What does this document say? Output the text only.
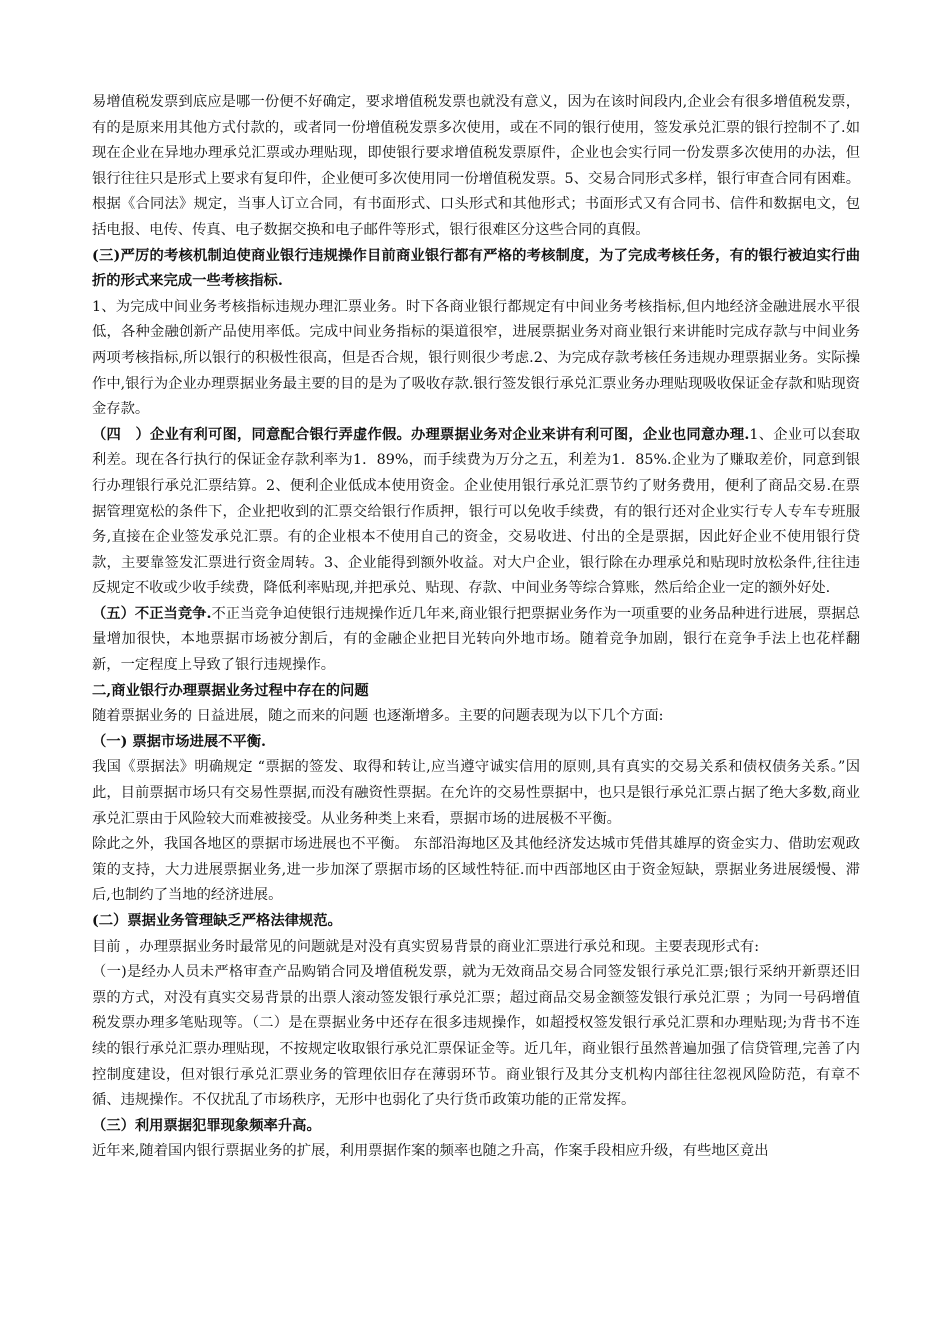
易增值税发票到底应是哪一份便不好确定，要求增值税发票也就没有意义，因为在该时间段内,企业会有很多增值税发票，有的是原来用其他方式付款的，或者同一份增值税发票多次使用，或在不同的银行使用，签发承兑汇票的银行控制不了.如现在企业在异地办理承兑汇票或办理贴现，即使银行要求增值税发票原件，企业也会实行同一份发票多次使用的办法，但银行往往只是形式上要求有复印件，企业便可多次使用同一份增值税发票。5、交易合同形式多样，银行审查合同有困难。根据《合同法》规定，当事人订立合同，有书面形式、口头形式和其他形式；书面形式又有合同书、信件和数据电文，包括电报、电传、传真、电子数据交换和电子邮件等形式，银行很难区分这些合同的真假。

(三)严厉的考核机制迫使商业银行违规操作目前商业银行都有严格的考核制度，为了完成考核任务，有的银行被迫实行曲折的形式来完成一些考核指标.

1、为完成中间业务考核指标违规办理汇票业务。时下各商业银行都规定有中间业务考核指标,但内地经济金融进展水平很低，各种金融创新产品使用率低。完成中间业务指标的渠道很窄，进展票据业务对商业银行来讲能时完成存款与中间业务两项考核指标,所以银行的积极性很高，但是否合规，银行则很少考虑.2、为完成存款考核任务违规办理票据业务。实际操作中,银行为企业办理票据业务最主要的目的是为了吸收存款.银行签发银行承兑汇票业务办理贴现吸收保证金存款和贴现资金存款。

（四　）企业有利可图，同意配合银行弄虚作假。办理票据业务对企业来讲有利可图，企业也同意办理.1、企业可以套取利差。现在各行执行的保证金存款利率为1．89%，而手续费为万分之五，利差为1．85%.企业为了赚取差价，同意到银行办理银行承兑汇票结算。2、便利企业低成本使用资金。企业使用银行承兑汇票节约了财务费用，便利了商品交易.在票据管理宽松的条件下，企业把收到的汇票交给银行作质押，银行可以免收手续费，有的银行还对企业实行专人专车专班服务,直接在企业签发承兑汇票。有的企业根本不使用自己的资金，交易收进、付出的全是票据，因此好企业不使用银行贷款，主要靠签发汇票进行资金周转。3、企业能得到额外收益。对大户企业，银行除在办理承兑和贴现时放松条件,往往违反规定不收或少收手续费，降低利率贴现,并把承兑、贴现、存款、中间业务等综合算账，然后给企业一定的额外好处.

（五）不正当竞争.不正当竞争迫使银行违规操作近几年来,商业银行把票据业务作为一项重要的业务品种进行进展，票据总量增加很快，本地票据市场被分割后，有的金融企业把目光转向外地市场。随着竞争加剧，银行在竞争手法上也花样翻新，一定程度上导致了银行违规操作。

二,商业银行办理票据业务过程中存在的问题

随着票据业务的 日益进展，随之而来的问题 也逐渐增多。主要的问题表现为以下几个方面:

（一) 票据市场进展不平衡.

我国《票据法》明确规定 “票据的签发、取得和转让,应当遵守诚实信用的原则,具有真实的交易关系和债权债务关系。”因此，目前票据市场只有交易性票据,而没有融资性票据。在允许的交易性票据中，也只是银行承兑汇票占据了绝大多数,商业承兑汇票由于风险较大而难被接受。从业务种类上来看，票据市场的进展极不平衡。

除此之外，我国各地区的票据市场进展也不平衡。 东部沿海地区及其他经济发达城市凭借其雄厚的资金实力、借助宏观政策的支持，大力进展票据业务,进一步加深了票据市场的区域性特征.而中西部地区由于资金短缺，票据业务进展缓慢、滞后,也制约了当地的经济进展。

(二）票据业务管理缺乏严格法律规范。

目前 ，办理票据业务时最常见的问题就是对没有真实贸易背景的商业汇票进行承兑和现。主要表现形式有:

（一)是经办人员未严格审查产品购销合同及增值税发票，就为无效商品交易合同签发银行承兑汇票;银行采纳开新票还旧票的方式，对没有真实交易背景的出票人滚动签发银行承兑汇票；超过商品交易金额签发银行承兑汇票 ；为同一号码增值税发票办理多笔贴现等。（二）是在票据业务中还存在很多违规操作，如超授权签发银行承兑汇票和办理贴现;为背书不连续的银行承兑汇票办理贴现，不按规定收取银行承兑汇票保证金等。近几年，商业银行虽然普遍加强了信贷管理,完善了内控制度建设，但对银行承兑汇票业务的管理依旧存在薄弱环节。商业银行及其分支机构内部往往忽视风险防范，有章不循、违规操作。不仅扰乱了市场秩序，无形中也弱化了央行货币政策功能的正常发挥。

（三）利用票据犯罪现象频率升高。

近年来,随着国内银行票据业务的扩展，利用票据作案的频率也随之升高，作案手段相应升级，有些地区竟出
